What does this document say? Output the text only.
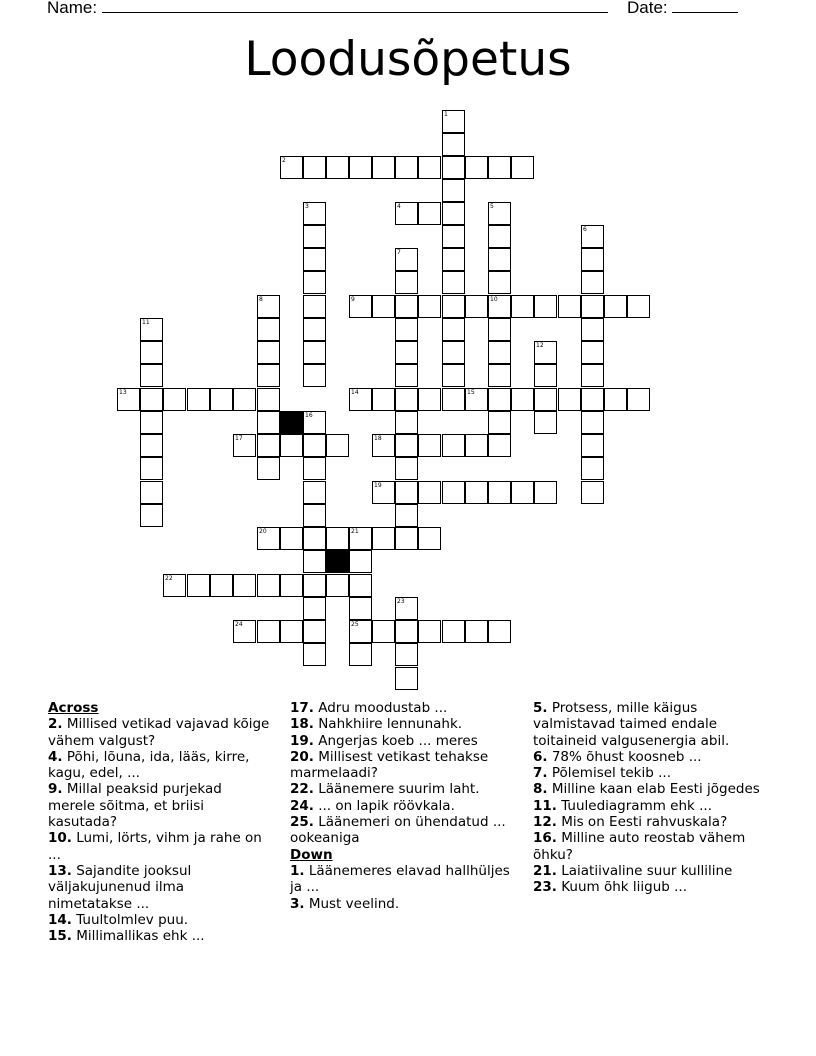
Name:	Date:
Loodusõpetus
1
2
3	4	5
6
7
8	9	10
11
12
13	14	15
16
17	18
19
20	21
22
23
24	25
Across
2. Millised vetikad vajavad kõige vähem valgust?
4. Põhi, lõuna, ida, lääs, kirre, kagu, edel, ...
9. Millal peaksid purjekad merele sõitma, et briisi kasutada?
10. Lumi, lörts, vihm ja rahe on ...
13. Sajandite jooksul väljakujunenud ilma nimetatakse ...
14. Tuultolmlev puu.
15. Millimallikas ehk ...
17. Adru moodustab ...
18. Nahkhiire lennunahk.
19. Angerjas koeb ... meres
20. Millisest vetikast tehakse marmelaadi?
22. Läänemere suurim laht.
24. ... on lapik röövkala.
25. Läänemeri on ühendatud ... ookeaniga
Down
1. Läänemeres elavad hallhüljes ja ...
3. Must veelind.
5. Protsess, mille käigus valmistavad taimed endale toitaineid valgusenergia abil.
6. 78% õhust koosneb ...
7. Põlemisel tekib ...
8. Milline kaan elab Eesti jõgedes
11. Tuulediagramm ehk ...
12. Mis on Eesti rahvuskala?
16. Milline auto reostab vähem õhku?
21. Laiatiivaline suur kulliline
23. Kuum õhk liigub ...
